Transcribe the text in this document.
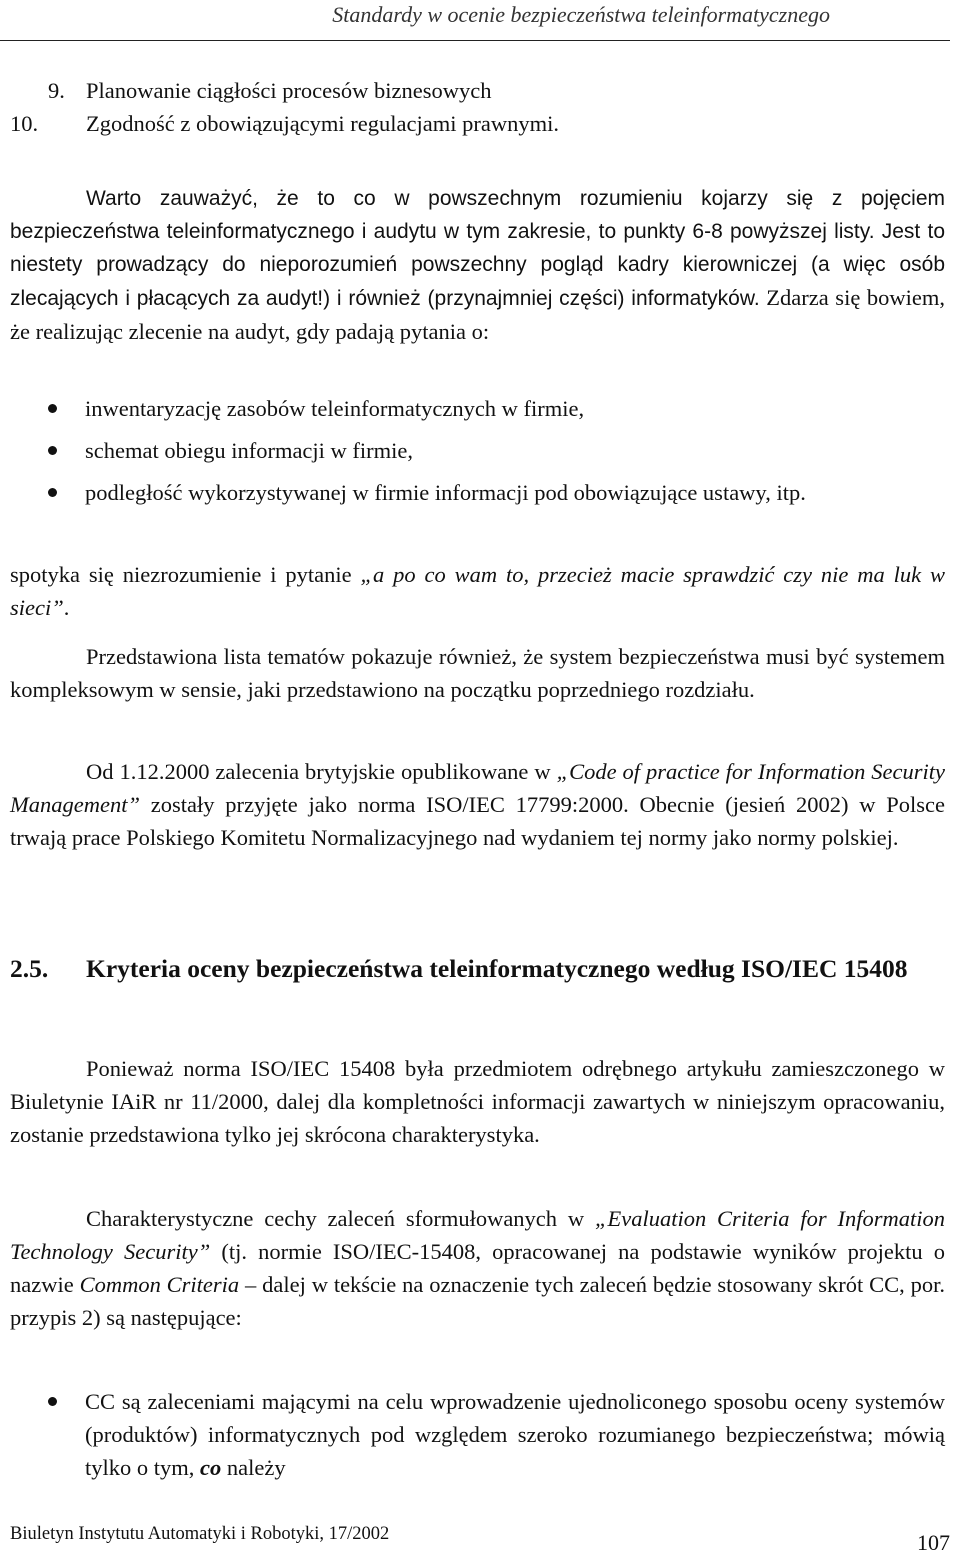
Standardy w ocenie bezpieczeństwa teleinformatycznego
9. Planowanie ciągłości procesów biznesowych
10. Zgodność z obowiązującymi regulacjami prawnymi.
Warto zauważyć, że to co w powszechnym rozumieniu kojarzy się z pojęciem bezpieczeństwa teleinformatycznego i audytu w tym zakresie, to punkty 6-8 powyższej listy. Jest to niestety prowadzący do nieporozumień powszechny pogląd kadry kierowniczej (a więc osób zlecających i płacących za audyt!) i również (przynajmniej części) informatyków. Zdarza się bowiem, że realizując zlecenie na audyt, gdy padają pytania o:
inwentaryzację zasobów teleinformatycznych w firmie,
schemat obiegu informacji w firmie,
podległość wykorzystywanej w firmie informacji pod obowiązujące ustawy, itp.
spotyka się niezrozumienie i pytanie „a po co wam to, przecież macie sprawdzić czy nie ma luk w sieci”.
Przedstawiona lista tematów pokazuje również, że system bezpieczeństwa musi być systemem kompleksowym w sensie, jaki przedstawiono na początku poprzedniego rozdziału.
Od 1.12.2000 zalecenia brytyjskie opublikowane w „Code of practice for Information Security Management” zostały przyjęte jako norma ISO/IEC 17799:2000. Obecnie (jesień 2002) w Polsce trwają prace Polskiego Komitetu Normalizacyjnego nad wydaniem tej normy jako normy polskiej.
2.5. Kryteria oceny bezpieczeństwa teleinformatycznego według ISO/IEC 15408
Ponieważ norma ISO/IEC 15408 była przedmiotem odrębnego artykułu zamieszczonego w Biuletynie IAiR nr 11/2000, dalej dla kompletności informacji zawartych w niniejszym opracowaniu, zostanie przedstawiona tylko jej skrócona charakterystyka.
Charakterystyczne cechy zaleceń sformułowanych w „Evaluation Criteria for Information Technology Security” (tj. normie ISO/IEC-15408, opracowanej na podstawie wyników projektu o nazwie Common Criteria – dalej w tekście na oznaczenie tych zaleceń będzie stosowany skrót CC, por. przypis 2) są następujące:
CC są zaleceniami mającymi na celu wprowadzenie ujednoliconego sposobu oceny systemów (produktów) informatycznych pod względem szeroko rozumianego bezpieczeństwa; mówią tylko o tym, co należy
Biuletyn Instytutu Automatyki i Robotyki, 17/2002	107
